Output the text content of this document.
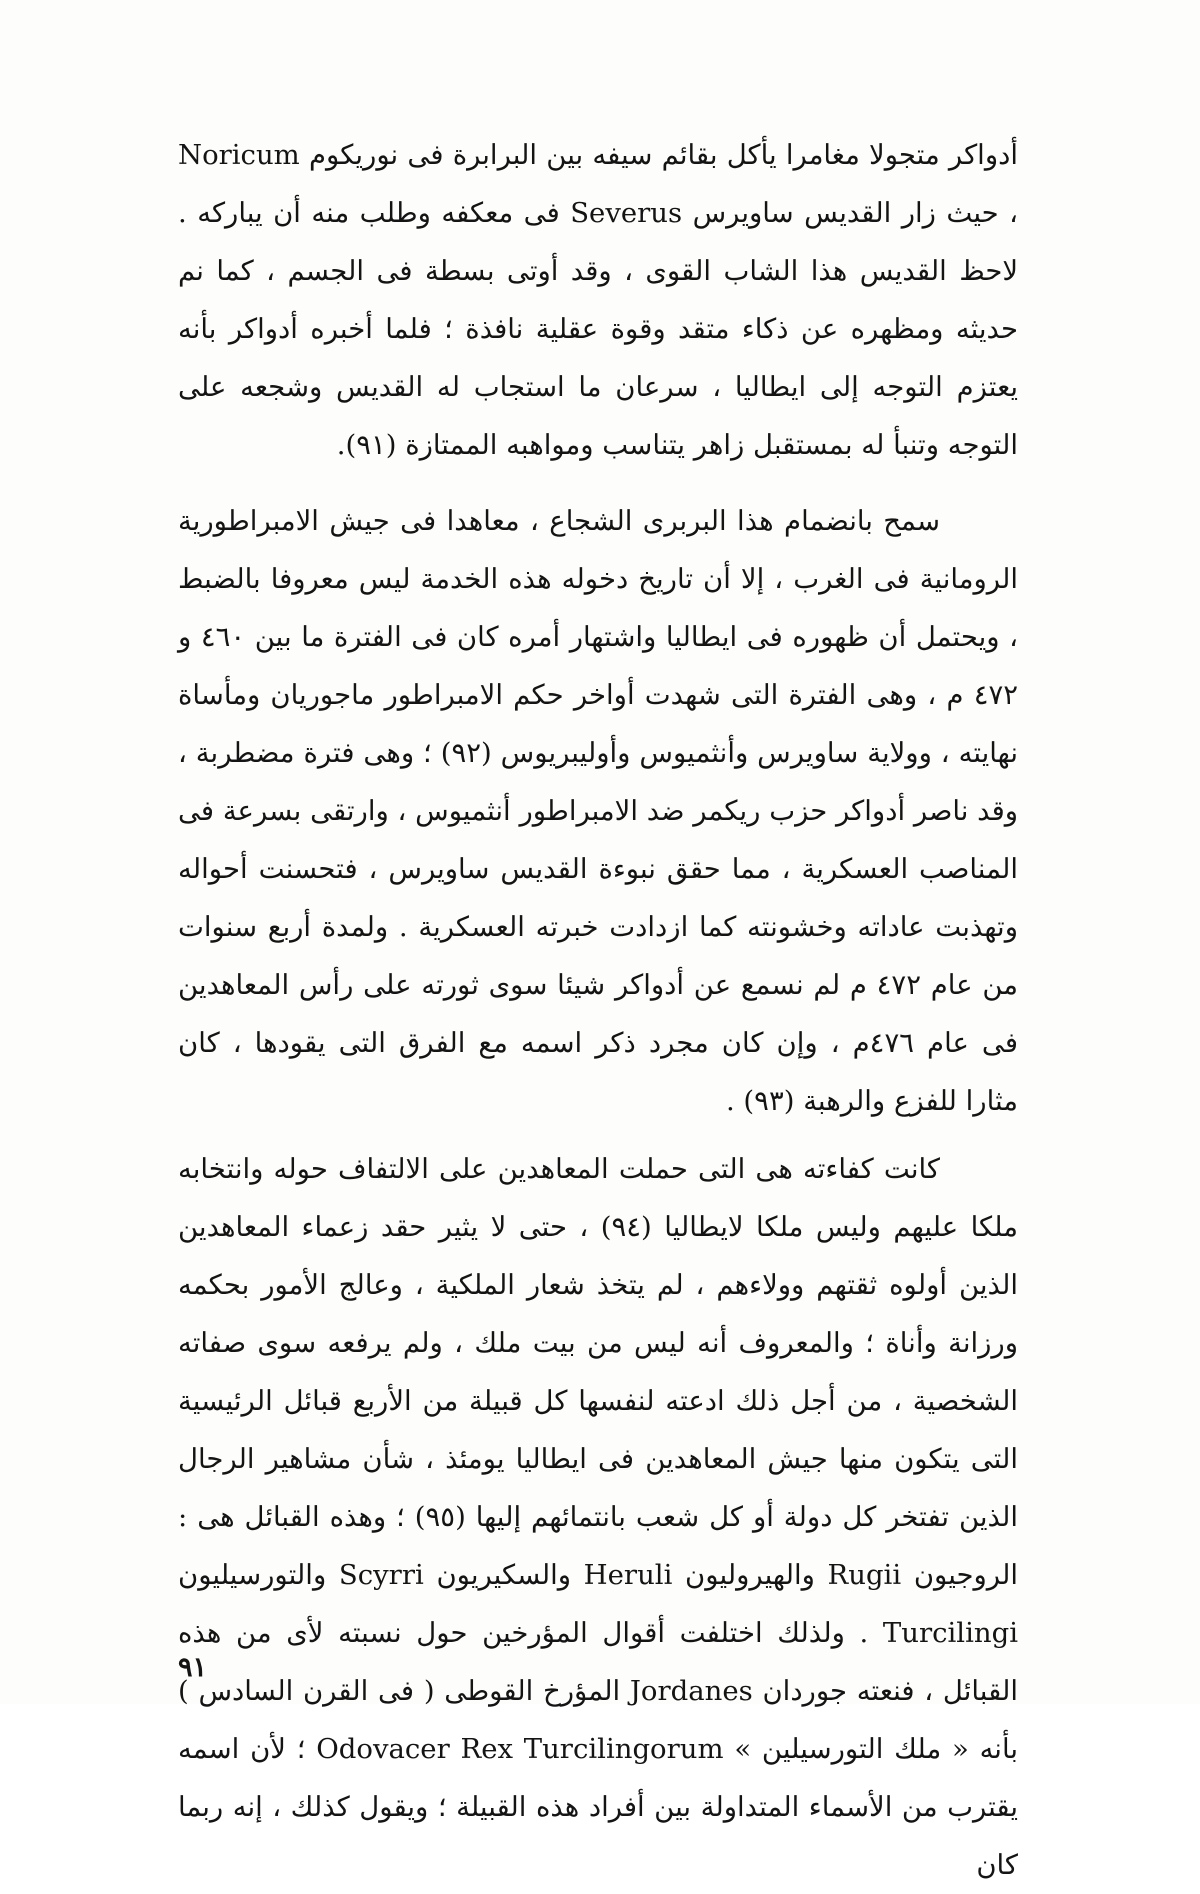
أدواكر متجولا مغامرا يأكل بقائم سيفه بين البرابرة فى نوريكوم Noricum ، حيث زار القديس ساويرس Severus فى معكفه وطلب منه أن يباركه . لاحظ القديس هذا الشاب القوى ، وقد أوتى بسطة فى الجسم ، كما نم حديثه ومظهره عن ذكاء متقد وقوة عقلية نافذة ؛ فلما أخبره أدواكر بأنه يعتزم التوجه إلى ايطاليا ، سرعان ما استجاب له القديس وشجعه على التوجه وتنبأ له بمستقبل زاهر يتناسب ومواهبه الممتازة (٩١).

سمح بانضمام هذا البربرى الشجاع ، معاهدا فى جيش الامبراطورية الرومانية فى الغرب ، إلا أن تاريخ دخوله هذه الخدمة ليس معروفا بالضبط ، ويحتمل أن ظهوره فى ايطاليا واشتهار أمره كان فى الفترة ما بين ٤٦٠ و ٤٧٢ م ، وهى الفترة التى شهدت أواخر حكم الامبراطور ماجوريان ومأساة نهايته ، وولاية ساويرس وأنثميوس وأوليبريوس (٩٢) ؛ وهى فترة مضطربة ، وقد ناصر أدواكر حزب ريكمر ضد الامبراطور أنثميوس ، وارتقى بسرعة فى المناصب العسكرية ، مما حقق نبوءة القديس ساويرس ، فتحسنت أحواله وتهذبت عاداته وخشونته كما ازدادت خبرته العسكرية . ولمدة أربع سنوات من عام ٤٧٢ م لم نسمع عن أدواكر شيئا سوى ثورته على رأس المعاهدين فى عام ٤٧٦م ، وإن كان مجرد ذكر اسمه مع الفرق التى يقودها ، كان مثارا للفزع والرهبة (٩٣) .

كانت كفاءته هى التى حملت المعاهدين على الالتفاف حوله وانتخابه ملكا عليهم وليس ملكا لايطاليا (٩٤) ، حتى لا يثير حقد زعماء المعاهدين الذين أولوه ثقتهم وولاءهم ، لم يتخذ شعار الملكية ، وعالج الأمور بحكمه ورزانة وأناة ؛ والمعروف أنه ليس من بيت ملك ، ولم يرفعه سوى صفاته الشخصية ، من أجل ذلك ادعته لنفسها كل قبيلة من الأربع قبائل الرئيسية التى يتكون منها جيش المعاهدين فى ايطاليا يومئذ ، شأن مشاهير الرجال الذين تفتخر كل دولة أو كل شعب بانتمائهم إليها (٩٥) ؛ وهذه القبائل هى : الروجيون Rugii والهيروليون Heruli والسكيريون Scyrri والتورسيليون Turcilingi . ولذلك اختلفت أقوال المؤرخين حول نسبته لأى من هذه القبائل ، فنعته جوردان Jordanes المؤرخ القوطى ( فى القرن السادس ) بأنه « ملك التورسيلين » Odovacer Rex Turcilingorum ؛ لأن اسمه يقترب من الأسماء المتداولة بين أفراد هذه القبيلة ؛ ويقول كذلك ، إنه ربما كان

٩١
